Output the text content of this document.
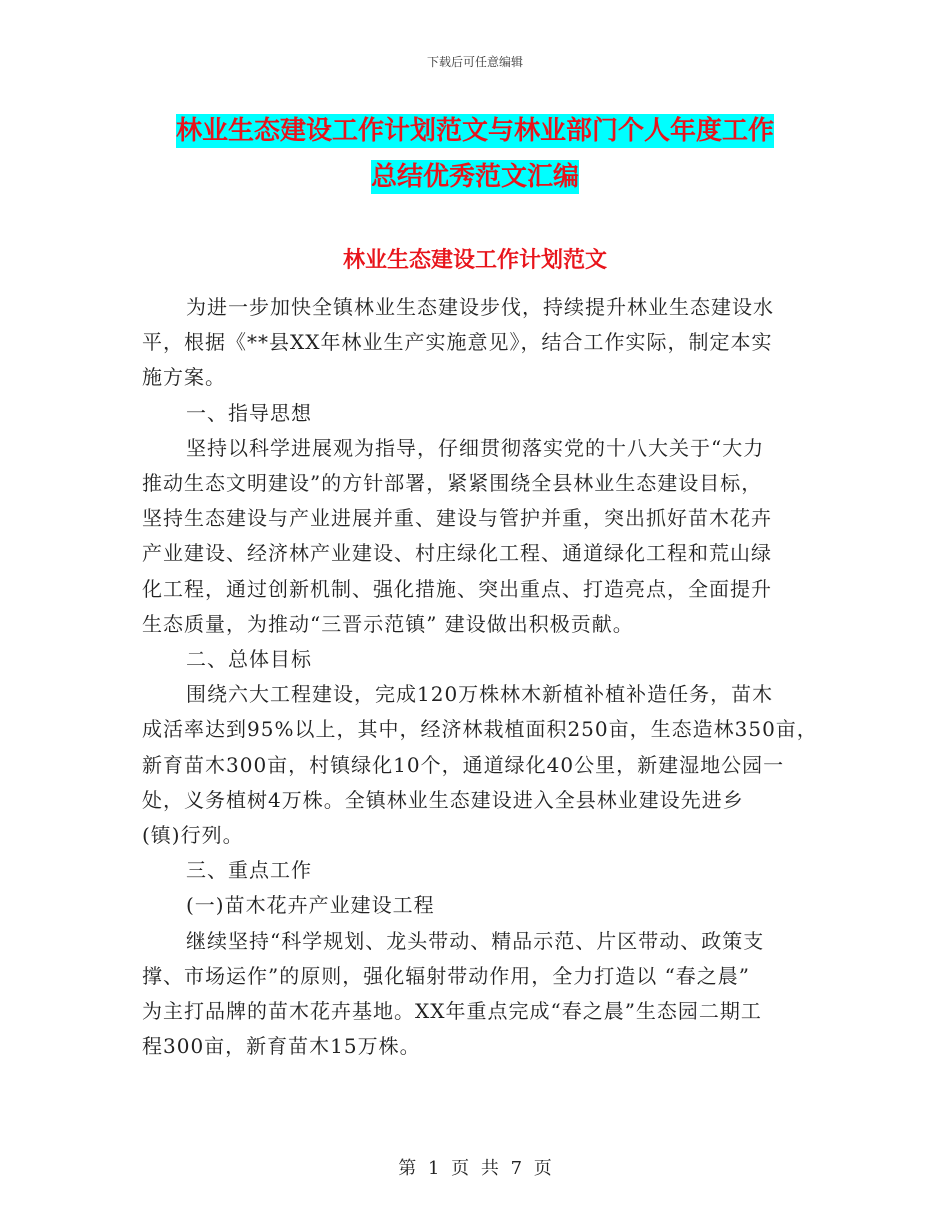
下载后可任意编辑
林业生态建设工作计划范文与林业部门个人年度工作
总结优秀范文汇编
林业生态建设工作计划范文
为进一步加快全镇林业生态建设步伐，持续提升林业生态建设水
平，根据《**县XX年林业生产实施意见》，结合工作实际，制定本实
施方案。
一、指导思想
坚持以科学进展观为指导，仔细贯彻落实党的十八大关于“大力
推动生态文明建设”的方针部署，紧紧围绕全县林业生态建设目标，
坚持生态建设与产业进展并重、建设与管护并重，突出抓好苗木花卉
产业建设、经济林产业建设、村庄绿化工程、通道绿化工程和荒山绿
化工程，通过创新机制、强化措施、突出重点、打造亮点，全面提升
生态质量，为推动“三晋示范镇” 建设做出积极贡献。
二、总体目标
围绕六大工程建设，完成120万株林木新植补植补造任务，苗木
成活率达到95%以上，其中，经济林栽植面积250亩，生态造林350亩，
新育苗木300亩，村镇绿化10个，通道绿化40公里，新建湿地公园一
处，义务植树4万株。全镇林业生态建设进入全县林业建设先进乡
(镇)行列。
三、重点工作
(一)苗木花卉产业建设工程
继续坚持“科学规划、龙头带动、精品示范、片区带动、政策支
撑、市场运作”的原则，强化辐射带动作用，全力打造以 “春之晨”
为主打品牌的苗木花卉基地。XX年重点完成“春之晨”生态园二期工
程300亩，新育苗木15万株。
第 1 页 共 7 页
